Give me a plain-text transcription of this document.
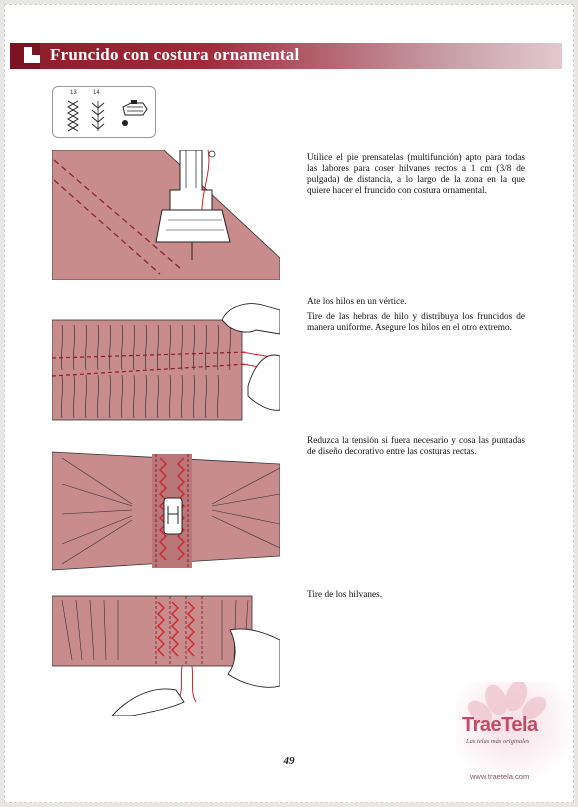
Fruncido con costura ornamental
13	14

Utilice el pie prensatelas (multifunción) apto para todas las labores para coser hilvanes rectos a 1 cm (3/8 de pulgada) de distancia, a lo largo de la zona en la que quiere hacer el fruncido con costura ornamental.

Ate los hilos en un vértice.

Tire de las hebras de hilo y distribuya los fruncidos de manera uniforme. Asegure los hilos en el otro extremo.

Reduzca la tensión si fuera necesario y cosa las puntadas de diseño decorativo entre las costuras rectas.

Tire de los hilvanes.

49
TraeTela
Las telas más originales
www.traetela.com
